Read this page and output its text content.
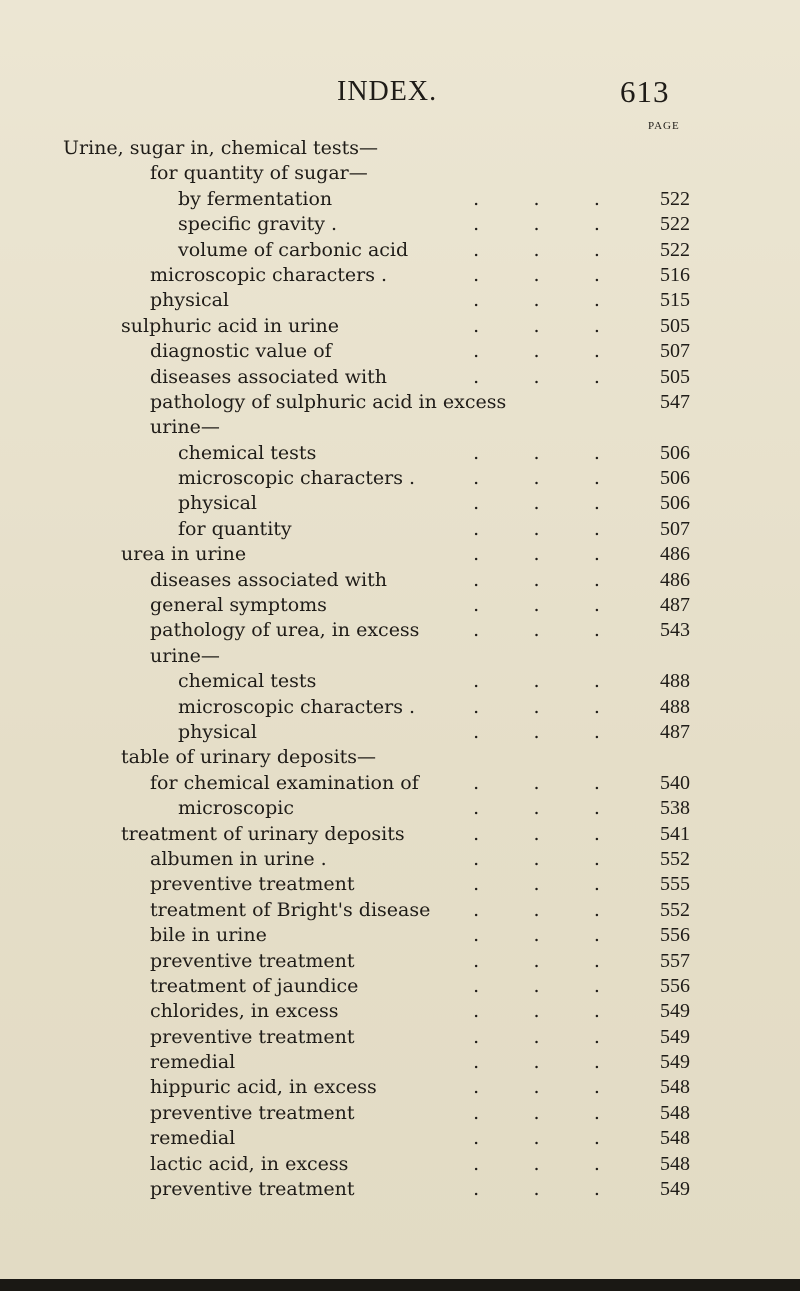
INDEX.	613
PAGE
Urine, sugar in, chemical tests—
for quantity of sugar—
by fermentation	.         .         .	522
specific gravity .	.         .         .	522
volume of carbonic acid .         .         .	522
microscopic characters .	.         .         .	516
physical	.         .         .	515
sulphuric acid in urine	.         .         .	505
diagnostic value of	.         .         .	507
diseases associated with	.         .         .	505
pathology of sulphuric acid in excess	547
urine—
chemical tests	.         .         .	506
microscopic characters . .         .         .	506
physical	.         .         .	506
for quantity	.         .         .	507
urea in urine	.         .         .	486
diseases associated with	.         .         .	486
general symptoms	.         .         .	487
pathology of urea, in excess .         .         .	543
urine—
chemical tests	.         .         .	488
microscopic characters . .         .         .	488
physical	.         .         .	487
table of urinary deposits—
for chemical examination of .         .         .	540
microscopic	.         .         .	538
treatment of urinary deposits	.         .         .	541
albumen in urine .	.         .         .	552
preventive treatment	.         .         .	555
treatment of Bright's disease .         .         .	552
bile in urine	.         .         .	556
preventive treatment	.         .         .	557
treatment of jaundice	.         .         .	556
chlorides, in excess	.         .         .	549
preventive treatment	.         .         .	549
remedial	.         .         .	549
hippuric acid, in excess	.         .         .	548
preventive treatment	.         .         .	548
remedial	.         .         .	548
lactic acid, in excess	.         .         .	548
preventive treatment	.         .         .	549
